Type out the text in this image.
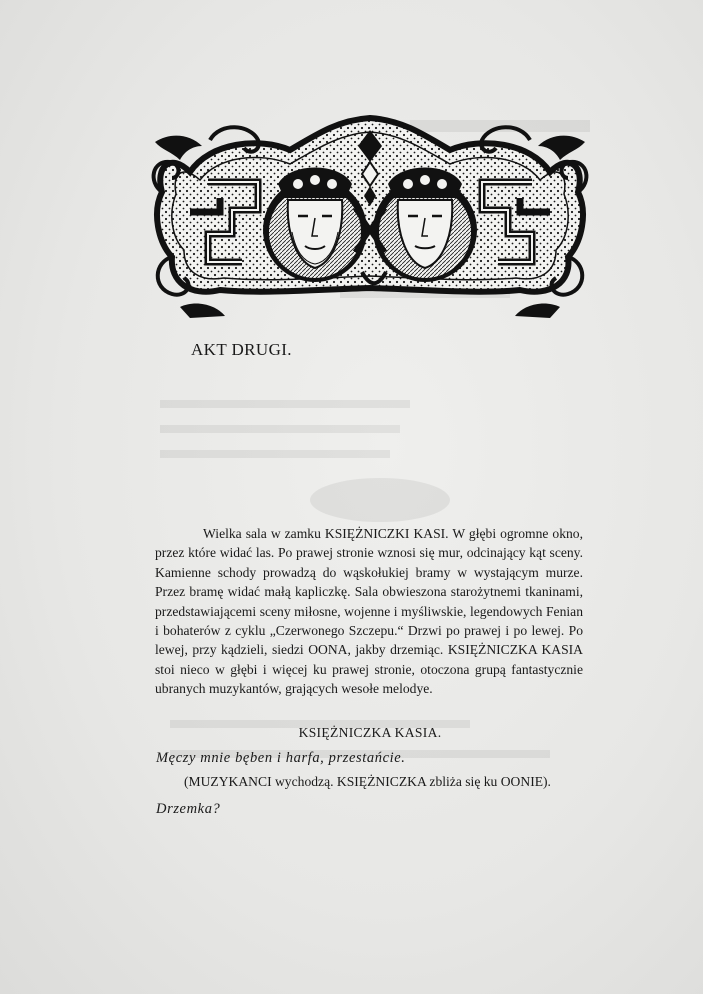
AKT DRUGI.

Wielka sala w zamku KSIĘŻNICZKI KASI. W głębi ogromne okno, przez które widać las. Po prawej stronie wznosi się mur, odcinający kąt sceny. Kamienne schody prowadzą do wąskołukiej bramy w wystającym murze. Przez bramę widać małą kapliczkę. Sala obwieszona starożytnemi tkaninami, przedstawiającemi sceny miłosne, wojenne i myśliwskie, legendowych Fenian i bohaterów z cyklu „Czerwonego Szczepu.“ Drzwi po prawej i po lewej. Po lewej, przy kądzieli, siedzi OONA, jakby drzemiąc. KSIĘŻNICZKA KASIA stoi nieco w głębi i więcej ku prawej stronie, otoczona grupą fantastycznie ubranych muzykantów, grających wesołe melodye.

KSIĘŻNICZKA KASIA.
Męczy mnie bęben i harfa, przestańcie.
(MUZYKANCI wychodzą. KSIĘŻNICZKA zbliża się ku OONIE).
Drzemka?
